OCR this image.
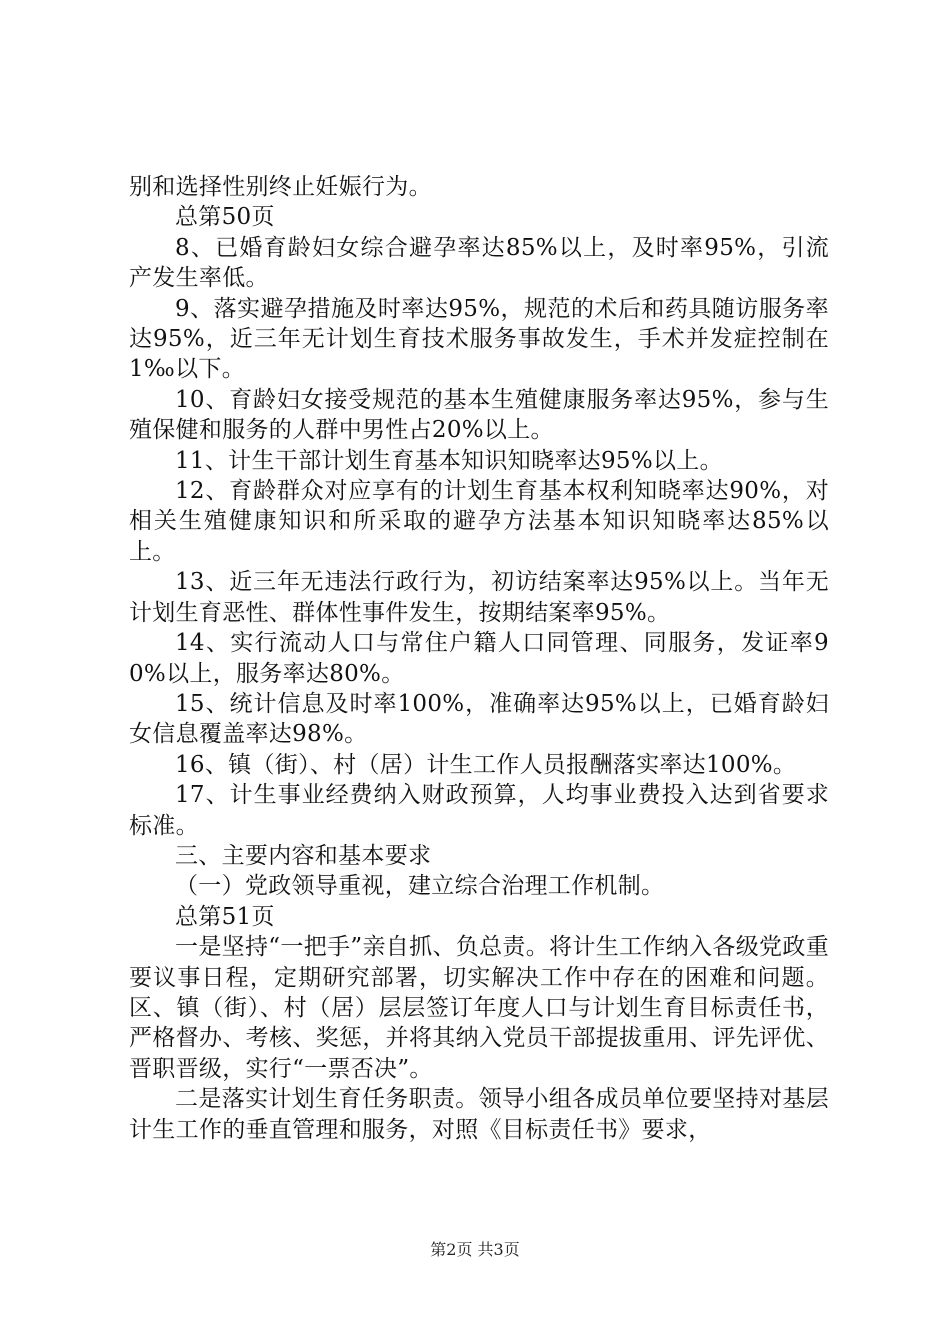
别和选择性别终止妊娠行为。

总第50页

8、已婚育龄妇女综合避孕率达85%以上，及时率95%，引流产发生率低。

9、落实避孕措施及时率达95%，规范的术后和药具随访服务率达95%，近三年无计划生育技术服务事故发生，手术并发症控制在1‰以下。

10、育龄妇女接受规范的基本生殖健康服务率达95%，参与生殖保健和服务的人群中男性占20%以上。

11、计生干部计划生育基本知识知晓率达95%以上。

12、育龄群众对应享有的计划生育基本权利知晓率达90%，对相关生殖健康知识和所采取的避孕方法基本知识知晓率达85%以上。

13、近三年无违法行政行为，初访结案率达95%以上。当年无计划生育恶性、群体性事件发生，按期结案率95%。

14、实行流动人口与常住户籍人口同管理、同服务，发证率90%以上，服务率达80%。

15、统计信息及时率100%，准确率达95%以上，已婚育龄妇女信息覆盖率达98%。

16、镇（街）、村（居）计生工作人员报酬落实率达100%。

17、计生事业经费纳入财政预算，人均事业费投入达到省要求标准。

三、主要内容和基本要求

（一）党政领导重视，建立综合治理工作机制。

总第51页

一是坚持“一把手”亲自抓、负总责。将计生工作纳入各级党政重要议事日程，定期研究部署，切实解决工作中存在的困难和问题。区、镇（街）、村（居）层层签订年度人口与计划生育目标责任书，严格督办、考核、奖惩，并将其纳入党员干部提拔重用、评先评优、晋职晋级，实行“一票否决”。

二是落实计划生育任务职责。领导小组各成员单位要坚持对基层计生工作的垂直管理和服务，对照《目标责任书》要求，

第2页 共3页
